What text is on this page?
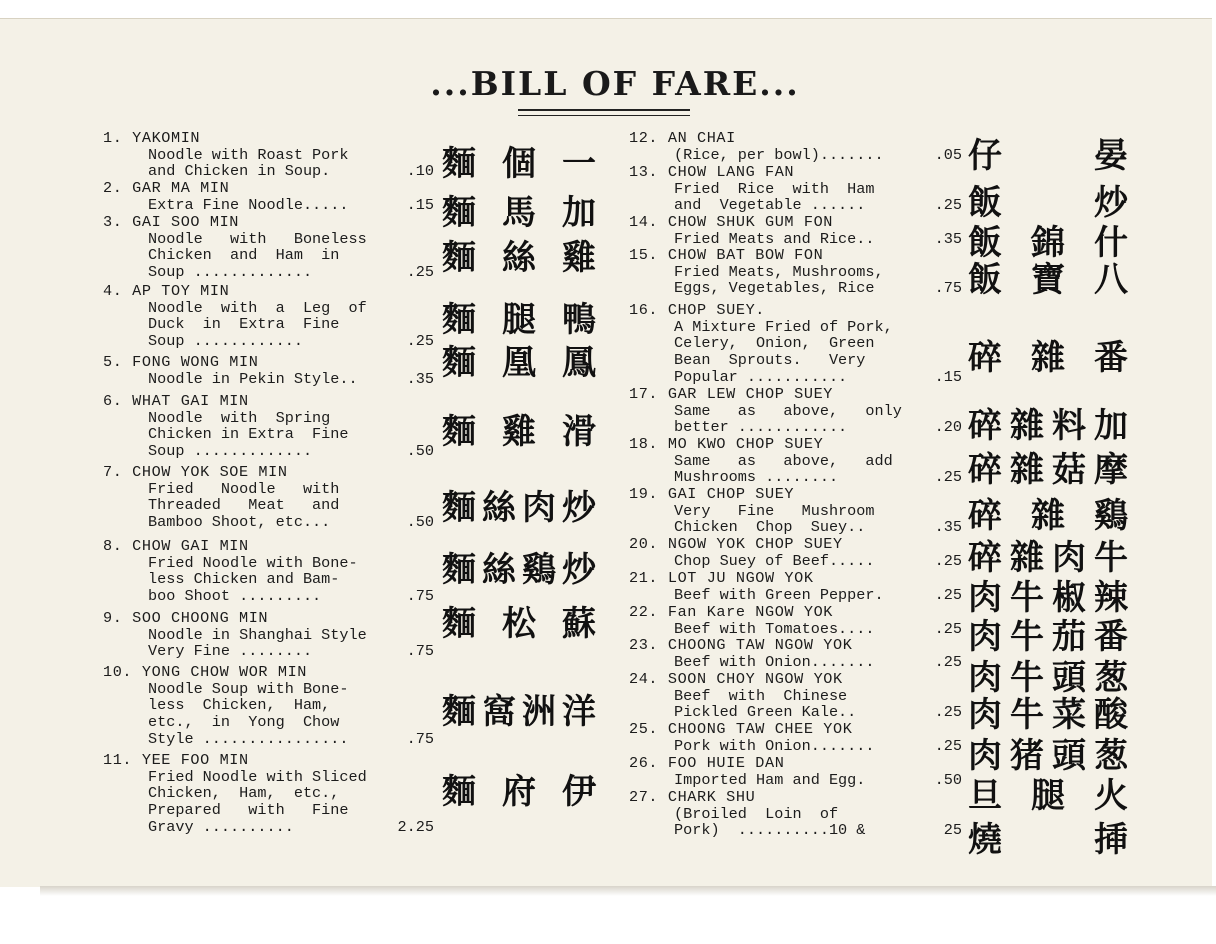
...BILL OF FARE...
1. YAKOMIN
Noodle with Roast Pork
and Chicken in Soup.	.10 麵 個 一
2. GAR MA MIN
Extra Fine Noodle.....	.15 麵 馬 加
3. GAI SOO MIN
Noodle   with   Boneless
Chicken  and  Ham  in
Soup .............	.25 麵 絲 雞
4. AP TOY MIN
Noodle  with  a  Leg  of
Duck  in  Extra  Fine
Soup ............	.25
麵 腿 鴨
5. FONG WONG MIN
Noodle in Pekin Style..	.35 麵 凰 鳳
6. WHAT GAI MIN
Noodle  with  Spring
Chicken in Extra  Fine
Soup .............	.50 麵 雞 滑
7. CHOW YOK SOE MIN
Fried   Noodle   with
Threaded   Meat   and
Bamboo Shoot, etc...	.50 麵絲肉炒
8. CHOW GAI MIN
Fried Noodle with Bone-
less Chicken and Bam-
boo Shoot .........	.75
麵絲鷄炒
9. SOO CHOONG MIN
Noodle in Shanghai Style
Very Fine ........	.75
麵 松 蘇
10. YONG CHOW WOR MIN
Noodle Soup with Bone-
less  Chicken,  Ham,
etc.,  in  Yong  Chow
Style ................	.75
麵窩洲洋
11. YEE FOO MIN
Fried Noodle with Sliced
Chicken,  Ham,  etc.,
Prepared   with   Fine
Gravy ..........	2.25
麵 府 伊
12. AN CHAI
(Rice, per bowl).......	.05 仔   晏
13. CHOW LANG FAN
Fried  Rice  with  Ham
and  Vegetable ......	.25 飯   炒
14. CHOW SHUK GUM FON
Fried Meats and Rice..	.35 飯 錦 什
15. CHOW BAT BOW FON
Fried Meats, Mushrooms,
Eggs, Vegetables, Rice	.75 飯 寶 八
16. CHOP SUEY.
A Mixture Fried of Pork,
Celery,  Onion,  Green
Bean  Sprouts.   Very
Popular ...........	.15 碎 雜 番
17. GAR LEW CHOP SUEY
Same   as   above,   only
better ............	.20 碎雜料加
18. MO KWO CHOP SUEY
Same   as   above,   add
Mushrooms ........	.25 碎雜菇摩
19. GAI CHOP SUEY
Very   Fine   Mushroom
Chicken  Chop  Suey..	.35 碎 雜 鷄
20. NGOW YOK CHOP SUEY
Chop Suey of Beef.....	.25 碎雜肉牛
21. LOT JU NGOW YOK
Beef with Green Pepper.	.25 肉牛椒辣
22. Fan Kare NGOW YOK
Beef with Tomatoes....	.25 肉牛茄番
23. CHOONG TAW NGOW YOK
Beef with Onion.......	.25 肉牛頭葱
24. SOON CHOY NGOW YOK
Beef  with  Chinese
Pickled Green Kale..	.25 肉牛菜酸
25. CHOONG TAW CHEE YOK
Pork with Onion.......	.25 肉猪頭葱
26. FOO HUIE DAN
Imported Ham and Egg.	.50 旦 腿 火
27. CHARK SHU
(Broiled  Loin  of
Pork)  ..........10 &	25 燒   揷
